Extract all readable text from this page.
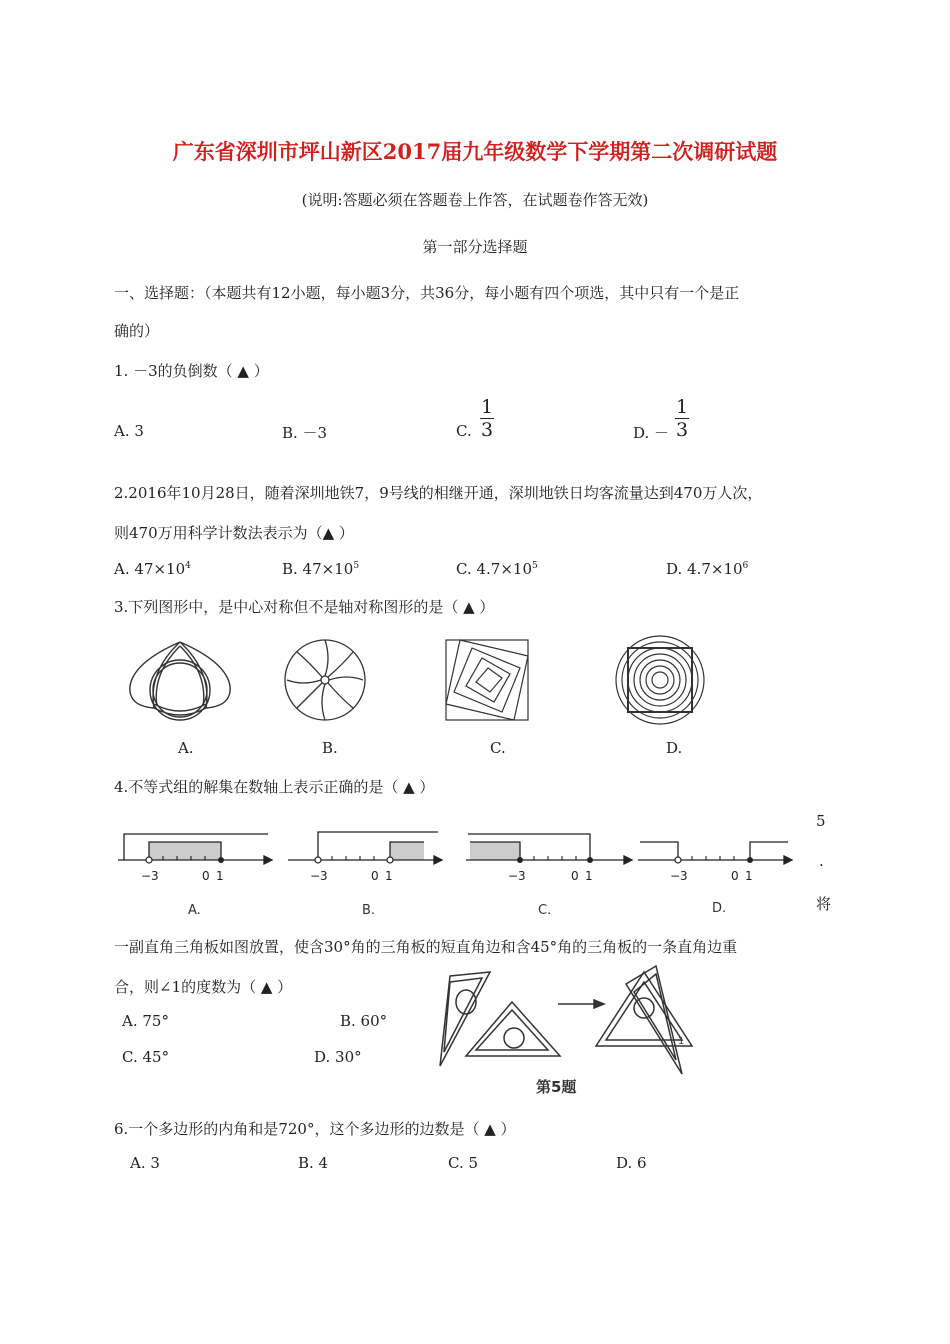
广东省深圳市坪山新区2017届九年级数学下学期第二次调研试题
(说明:答题必须在答题卷上作答，在试题卷作答无效)
第一部分选择题
一、选择题：（本题共有12小题，每小题3分，共36分，每小题有四个项选，其中只有一个是正
确的）
1. －3的负倒数（ ▲ ）
A. 3	B. －3	C. $\frac{1}{3}$	D. － $\frac{1}{3}$
2.2016年10月28日，随着深圳地铁7，9号线的相继开通，深圳地铁日均客流量达到470万人次，
则470万用科学计数法表示为（▲ ）
A. $47\times 10^4$	B. $47\times 10^5$	C. $4.7\times 10^5$	D. $4.7\times 10^6$
3.下列图形中，是中心对称但不是轴对称图形的是（ ▲ ）
A.	B.	C.	D.
4.不等式组的解集在数轴上表示正确的是（ ▲ ）
−3	0 1
A.
−3	0 1
B.
−3	0 1
C.
−3	0 1
D.
5
.
将
一副直角三角板如图放置，使含30°角的三角板的短直角边和含45°角的三角板的一条直角边重
合，则∠1的度数为（ ▲ ）
A. 75°	B. 60°
C. 45°	D. 30°
1
第5题
6.一个多边形的内角和是720°，这个多边形的边数是（ ▲ ）
A. 3	B. 4	C. 5	D. 6
